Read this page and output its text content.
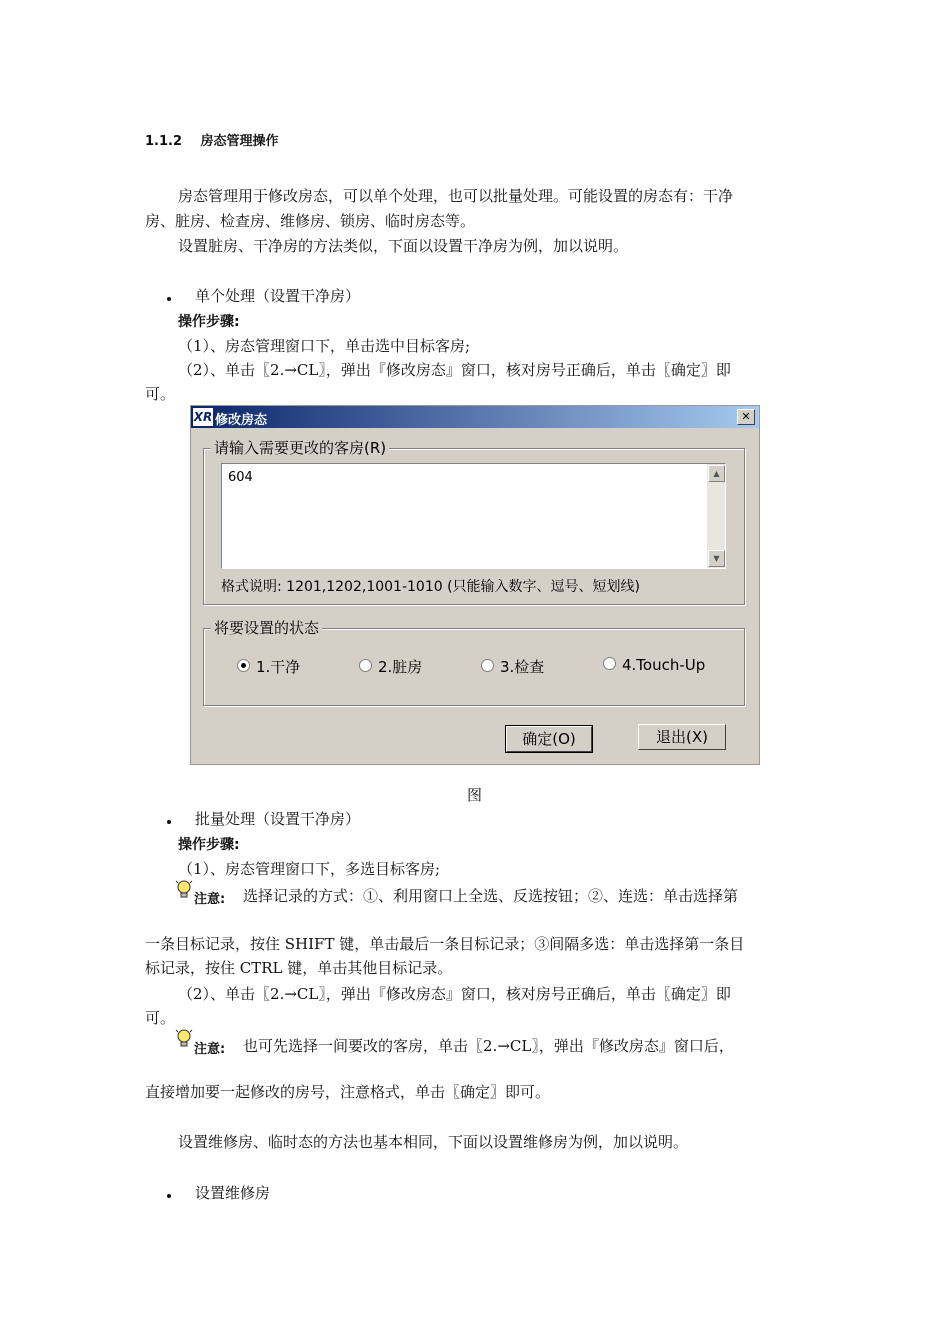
1.1.2 房态管理操作
房态管理用于修改房态，可以单个处理，也可以批量处理。可能设置的房态有：干净
房、脏房、检查房、维修房、锁房、临时房态等。
设置脏房、干净房的方法类似，下面以设置干净房为例，加以说明。
单个处理（设置干净房）
操作步骤:
（1）、房态管理窗口下，单击选中目标客房;
（2）、单击〖2.→CL〗，弹出『修改房态』窗口，核对房号正确后，单击〖确定〗即
可。
XR 修改房态	✕
请输入需要更改的客房(R)
604	▲
▼
格式说明: 1201,1202,1001-1010 (只能输入数字、逗号、短划线)
将要设置的状态
1.干净	2.脏房	3.检查	4.Touch-Up
确定(O)	退出(X)
图
批量处理（设置干净房）
操作步骤:
（1）、房态管理窗口下，多选目标客房;
注意: 选择记录的方式：①、利用窗口上全选、反选按钮；②、连选：单击选择第
一条目标记录，按住 SHIFT 键，单击最后一条目标记录；③间隔多选：单击选择第一条目
标记录，按住 CTRL 键，单击其他目标记录。
（2）、单击〖2.→CL〗，弹出『修改房态』窗口，核对房号正确后，单击〖确定〗即
可。
注意: 也可先选择一间要改的客房，单击〖2.→CL〗，弹出『修改房态』窗口后，
直接增加要一起修改的房号，注意格式，单击〖确定〗即可。
设置维修房、临时态的方法也基本相同，下面以设置维修房为例，加以说明。
设置维修房
